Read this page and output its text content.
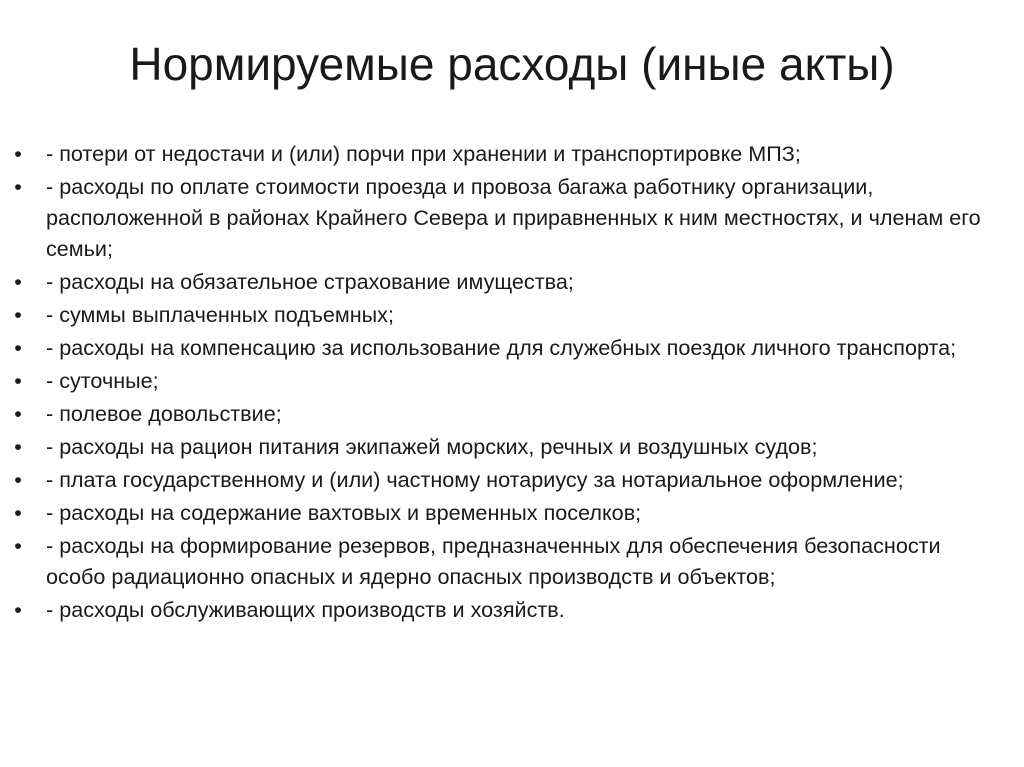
Нормируемые расходы (иные акты)
• - потери от недостачи и (или) порчи при хранении и транспортировке МПЗ;
• - расходы по оплате стоимости проезда и провоза багажа работнику организации, расположенной в районах Крайнего Севера и приравненных к ним местностях, и членам его семьи;
• - расходы на обязательное страхование имущества;
• - суммы выплаченных подъемных;
• - расходы на компенсацию за использование для служебных поездок личного транспорта;
• - суточные;
• - полевое довольствие;
• - расходы на рацион питания экипажей морских, речных и воздушных судов;
• - плата государственному и (или) частному нотариусу за нотариальное оформление;
• - расходы на содержание вахтовых и временных поселков;
• - расходы на формирование резервов, предназначенных для обеспечения безопасности особо радиационно опасных и ядерно опасных производств и объектов;
• - расходы обслуживающих производств и хозяйств.
